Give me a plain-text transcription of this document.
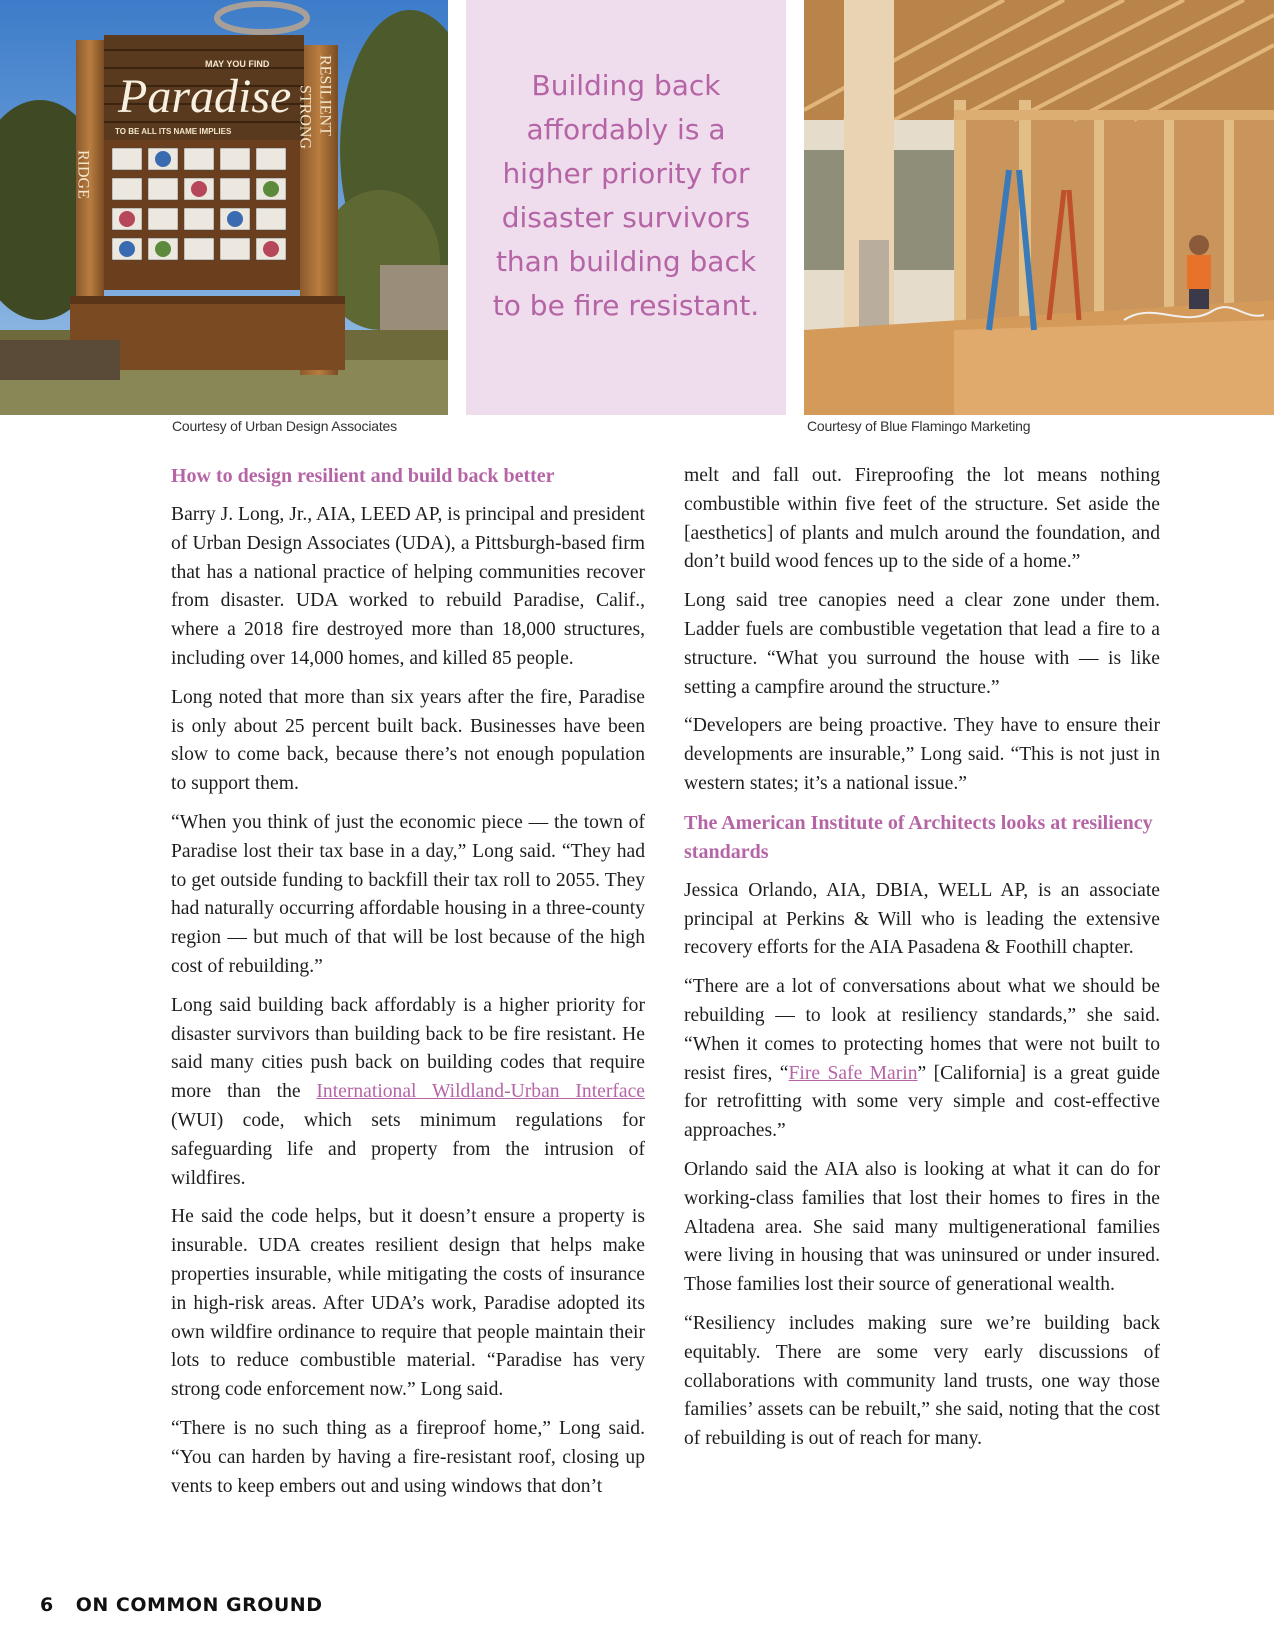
MAY YOU FIND
Paradise
TO BE ALL ITS NAME IMPLIES
RIDGE
STRONG RESILIENT	Building back affordably is a higher priority for disaster survivors than building back to be fire resistant.

Courtesy of Urban Design Associates	Courtesy of Blue Flamingo Marketing
How to design resilient and build back better

Barry J. Long, Jr., AIA, LEED AP, is principal and president of Urban Design Associates (UDA), a Pittsburgh-based firm that has a national practice of helping communities recover from disaster. UDA worked to rebuild Paradise, Calif., where a 2018 fire destroyed more than 18,000 structures, including over 14,000 homes, and killed 85 people.

Long noted that more than six years after the fire, Paradise is only about 25 percent built back. Businesses have been slow to come back, because there’s not enough population to support them.

“When you think of just the economic piece — the town of Paradise lost their tax base in a day,” Long said. “They had to get outside funding to backfill their tax roll to 2055. They had naturally occurring affordable housing in a three-county region — but much of that will be lost because of the high cost of rebuilding.”

Long said building back affordably is a higher priority for disaster survivors than building back to be fire resistant. He said many cities push back on building codes that require more than the International Wildland-Urban Interface (WUI) code, which sets minimum regulations for safeguarding life and property from the intrusion of wildfires.

He said the code helps, but it doesn’t ensure a property is insurable. UDA creates resilient design that helps make properties insurable, while mitigating the costs of insurance in high-risk areas. After UDA’s work, Paradise adopted its own wildfire ordinance to require that people maintain their lots to reduce combustible material. “Paradise has very strong code enforcement now.” Long said.

“There is no such thing as a fireproof home,” Long said. “You can harden by having a fire-resistant roof, closing up vents to keep embers out and using windows that don’t

melt and fall out. Fireproofing the lot means nothing combustible within five feet of the structure. Set aside the [aesthetics] of plants and mulch around the foundation, and don’t build wood fences up to the side of a home.”

Long said tree canopies need a clear zone under them. Ladder fuels are combustible vegetation that lead a fire to a structure. “What you surround the house with — is like setting a campfire around the structure.”

“Developers are being proactive. They have to ensure their developments are insurable,” Long said. “This is not just in western states; it’s a national issue.”

The American Institute of Architects looks at resiliency standards

Jessica Orlando, AIA, DBIA, WELL AP, is an associate principal at Perkins & Will who is leading the extensive recovery efforts for the AIA Pasadena & Foothill chapter.

“There are a lot of conversations about what we should be rebuilding — to look at resiliency standards,” she said. “When it comes to protecting homes that were not built to resist fires, “Fire Safe Marin” [California] is a great guide for retrofitting with some very simple and cost-effective approaches.”

Orlando said the AIA also is looking at what it can do for working-class families that lost their homes to fires in the Altadena area. She said many multigenerational families were living in housing that was uninsured or under insured. Those families lost their source of generational wealth.

“Resiliency includes making sure we’re building back equitably. There are some very early discussions of collaborations with community land trusts, one way those families’ assets can be rebuilt,” she said, noting that the cost of rebuilding is out of reach for many.

6 ON COMMON GROUND
